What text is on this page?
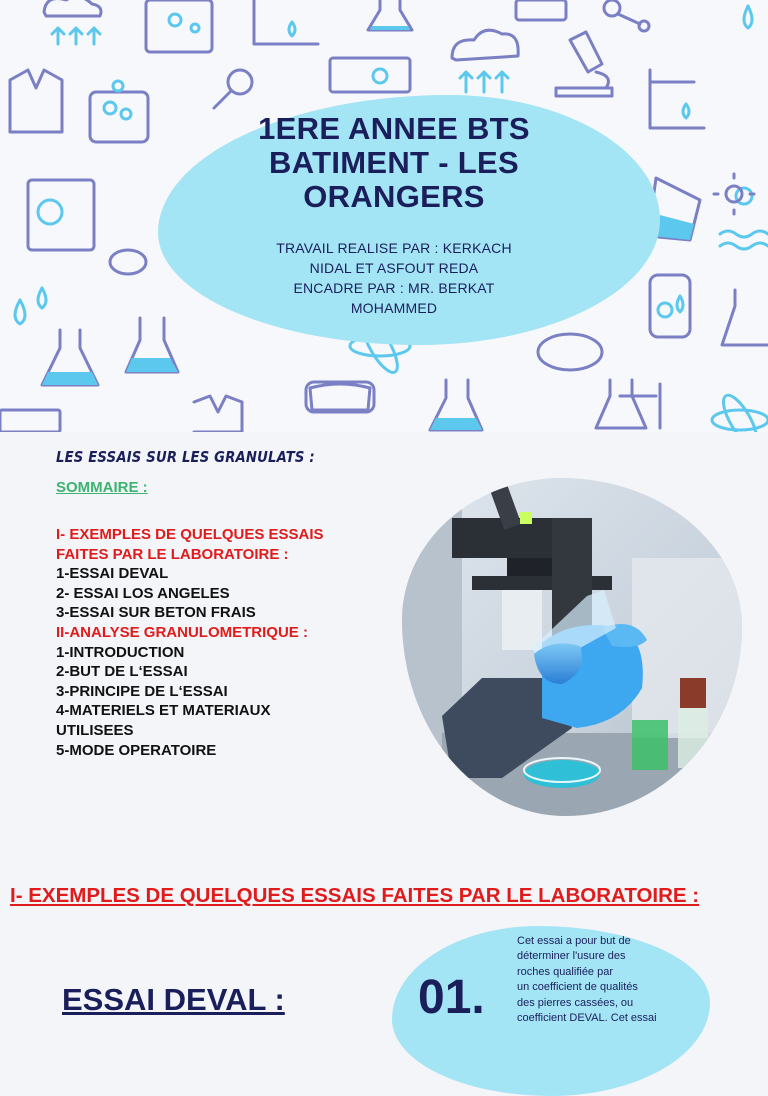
1ERE ANNEE BTS
BATIMENT - LES
ORANGERS
TRAVAIL REALISE PAR : KERKACH
NIDAL ET ASFOUT REDA
ENCADRE PAR : MR. BERKAT
MOHAMMED
LES ESSAIS SUR LES GRANULATS :
SOMMAIRE :
I- EXEMPLES DE QUELQUES ESSAIS
FAITES PAR LE LABORATOIRE :
1-ESSAI DEVAL
2- ESSAI LOS ANGELES
3-ESSAI SUR BETON FRAIS
II-ANALYSE GRANULOMETRIQUE :
1-INTRODUCTION
2-BUT DE L‘ESSAI
3-PRINCIPE DE L‘ESSAI
4-MATERIELS ET MATERIAUX
UTILISEES
5-MODE OPERATOIRE
I- EXEMPLES DE QUELQUES ESSAIS FAITES PAR LE LABORATOIRE :
ESSAI DEVAL :	01.
Cet essai a pour but de
déterminer l'usure des
roches qualifiée par
un coefficient de qualités
des pierres cassées, ou
coefficient DEVAL. Cet essai
